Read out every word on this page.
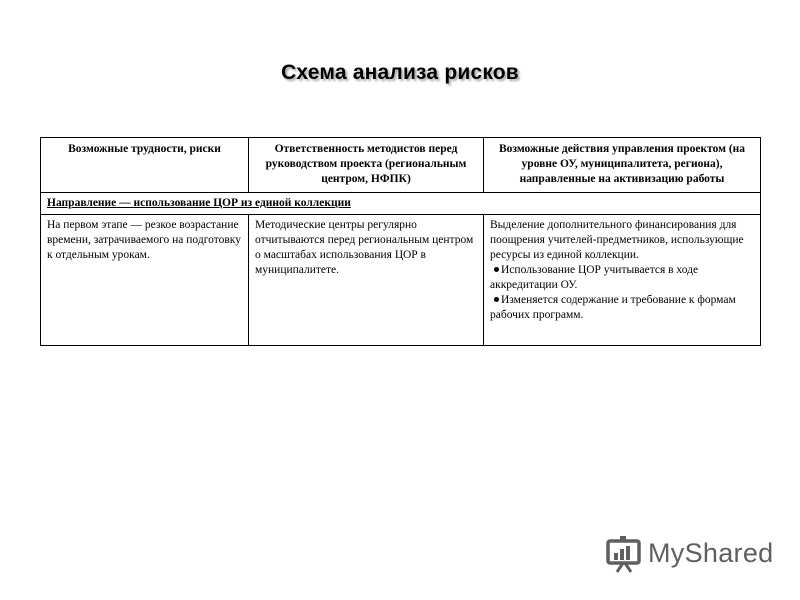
Схема анализа рисков
Возможные трудности, риски	Ответственность методистов перед руководством проекта (региональным центром, НФПК)	Возможные действия управления проектом (на уровне ОУ, муниципалитета, региона), направленные на активизацию работы
Направление — использование ЦОР из единой коллекции		
На первом этапе — резкое возрастание времени, затрачиваемого на подготовку к отдельным урокам.	Методические центры регулярно отчитываются перед региональным центром о масштабах использования ЦОР в муниципалитете.	Выделение дополнительного финансирования для поощрения учителей-предметников, использующие ресурсы из единой коллекции.
Использование ЦОР учитывается в ходе аккредитации ОУ.
Изменяется содержание и требование к формам рабочих программ.
MyShared
